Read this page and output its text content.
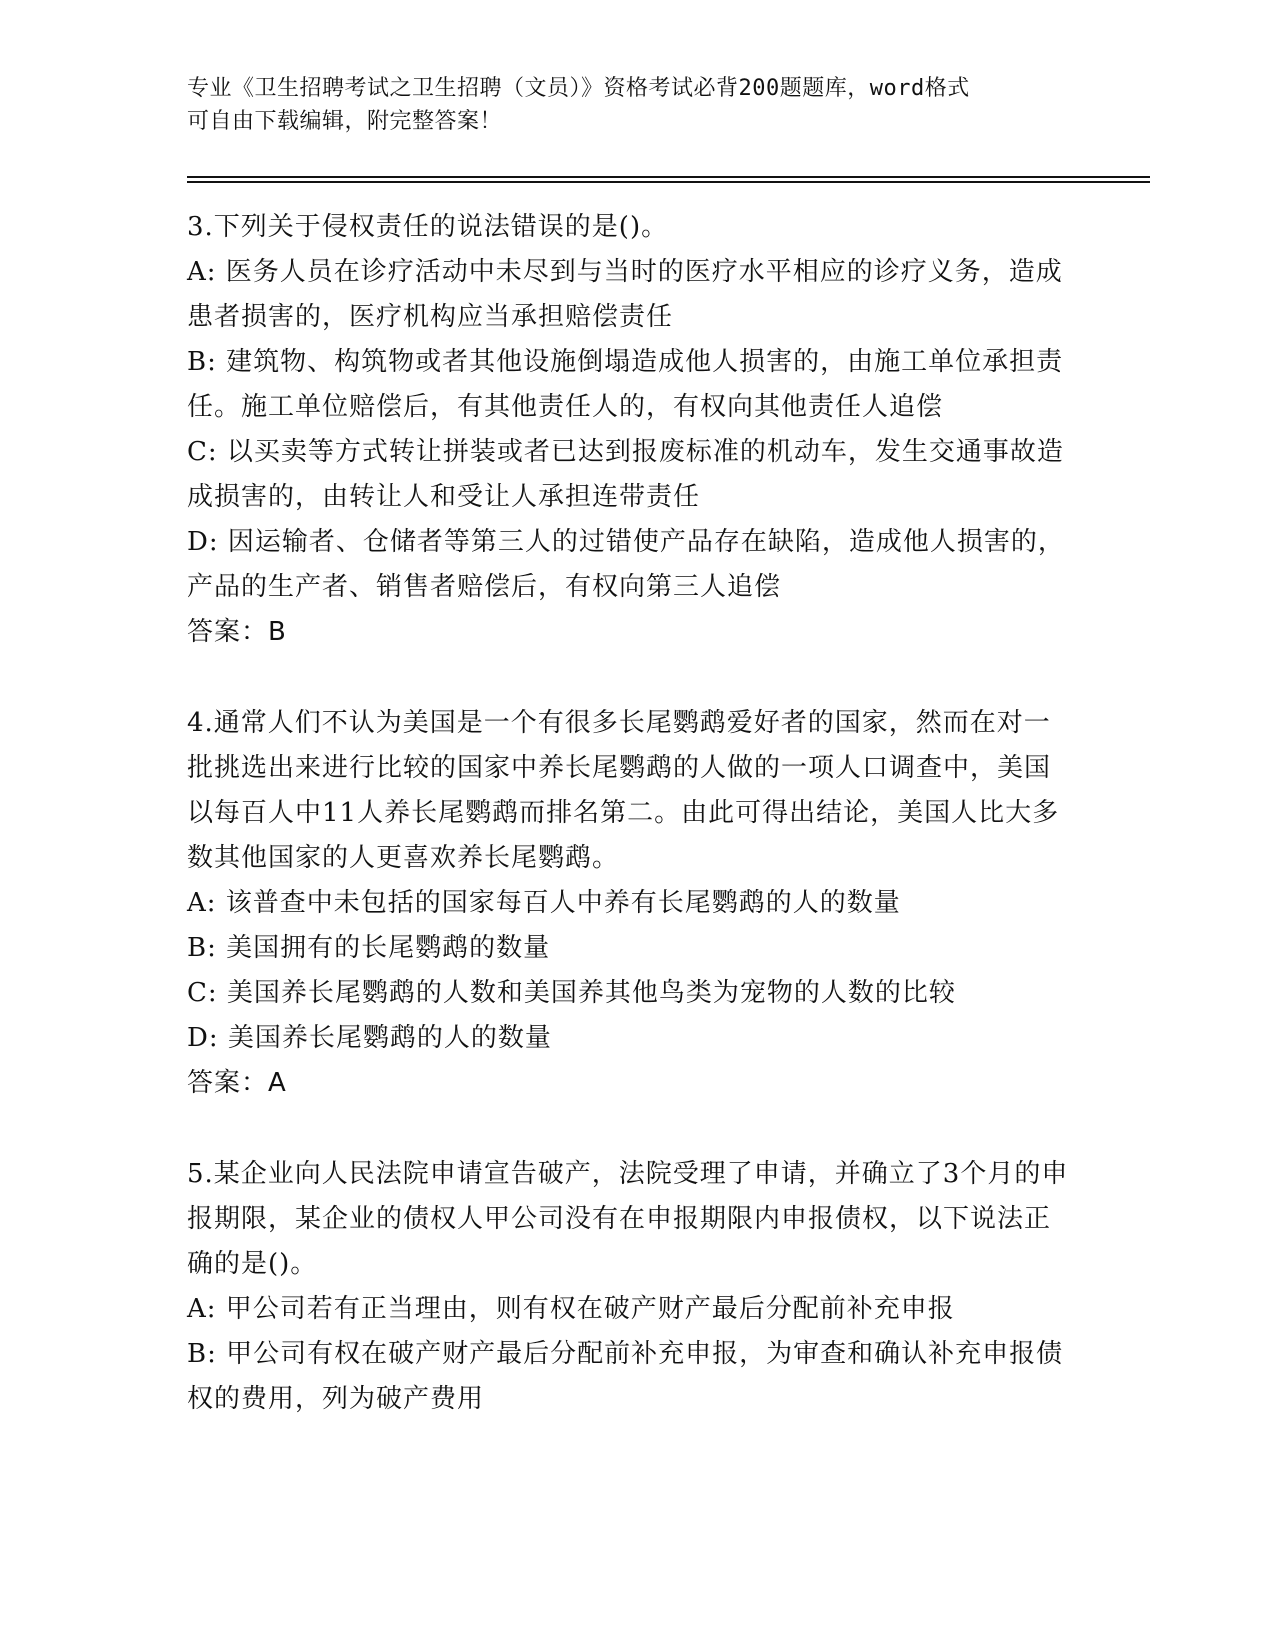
专业《卫生招聘考试之卫生招聘（文员）》资格考试必背200题题库，word格式
可自由下载编辑，附完整答案！

3.下列关于侵权责任的说法错误的是()。

A: 医务人员在诊疗活动中未尽到与当时的医疗水平相应的诊疗义务，造成患者损害的，医疗机构应当承担赔偿责任

B: 建筑物、构筑物或者其他设施倒塌造成他人损害的，由施工单位承担责任。施工单位赔偿后，有其他责任人的，有权向其他责任人追偿

C: 以买卖等方式转让拼装或者已达到报废标准的机动车，发生交通事故造成损害的，由转让人和受让人承担连带责任

D: 因运输者、仓储者等第三人的过错使产品存在缺陷，造成他人损害的，产品的生产者、销售者赔偿后，有权向第三人追偿

答案：B

4.通常人们不认为美国是一个有很多长尾鹦鹉爱好者的国家，然而在对一批挑选出来进行比较的国家中养长尾鹦鹉的人做的一项人口调查中，美国以每百人中11人养长尾鹦鹉而排名第二。由此可得出结论，美国人比大多数其他国家的人更喜欢养长尾鹦鹉。

A: 该普查中未包括的国家每百人中养有长尾鹦鹉的人的数量

B: 美国拥有的长尾鹦鹉的数量

C: 美国养长尾鹦鹉的人数和美国养其他鸟类为宠物的人数的比较

D: 美国养长尾鹦鹉的人的数量

答案：A

5.某企业向人民法院申请宣告破产，法院受理了申请，并确立了3个月的申报期限，某企业的债权人甲公司没有在申报期限内申报债权，以下说法正确的是()。

A: 甲公司若有正当理由，则有权在破产财产最后分配前补充申报

B: 甲公司有权在破产财产最后分配前补充申报，为审查和确认补充申报债权的费用，列为破产费用
